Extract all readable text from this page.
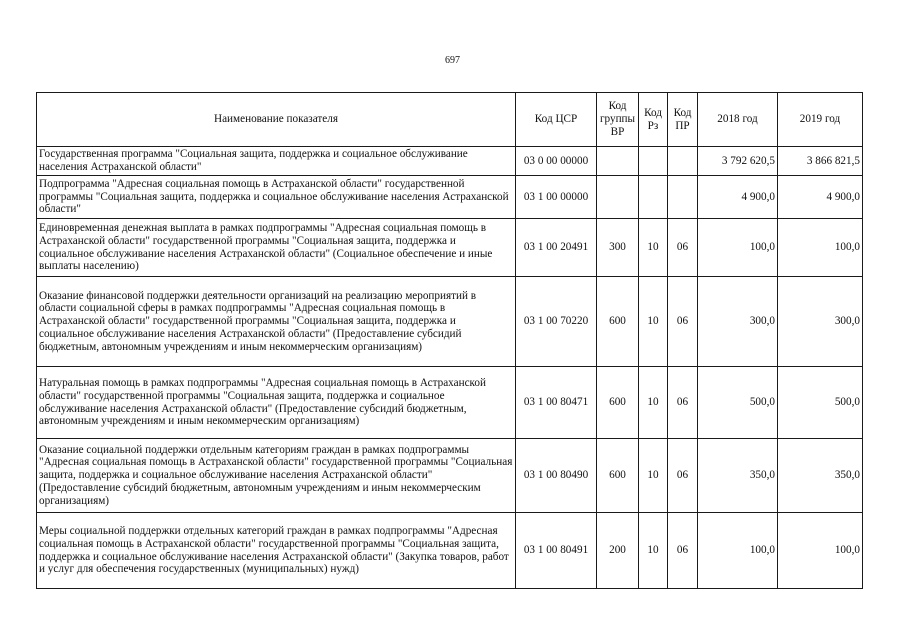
697
Наименование показателя	Код ЦСР	Код группы ВР	Код Рз	Код ПР	2018 год	2019 год
Государственная программа "Социальная защита, поддержка и социальное обслуживание населения Астраханской области"	03 0 00 00000				3 792 620,5	3 866 821,5
Подпрограмма "Адресная социальная помощь в Астраханской области" государственной программы "Социальная защита, поддержка и социальное обслуживание населения Астраханской области"	03 1 00 00000				4 900,0	4 900,0
Единовременная денежная выплата в рамках подпрограммы "Адресная социальная помощь в Астраханской области" государственной программы "Социальная защита, поддержка и социальное обслуживание населения Астраханской области" (Социальное обеспечение и иные выплаты населению)	03 1 00 20491	300	10	06	100,0	100,0
Оказание финансовой поддержки деятельности организаций на реализацию мероприятий в области социальной сферы в рамках подпрограммы "Адресная социальная помощь в Астраханской области" государственной программы "Социальная защита, поддержка и социальное обслуживание населения Астраханской области" (Предоставление субсидий бюджетным, автономным учреждениям и иным некоммерческим организациям)	03 1 00 70220	600	10	06	300,0	300,0
Натуральная помощь в рамках подпрограммы "Адресная социальная помощь в Астраханской области" государственной программы "Социальная защита, поддержка и социальное обслуживание населения Астраханской области" (Предоставление субсидий бюджетным, автономным учреждениям и иным некоммерческим организациям)	03 1 00 80471	600	10	06	500,0	500,0
Оказание социальной поддержки отдельным категориям граждан в рамках подпрограммы "Адресная социальная помощь в Астраханской области" государственной программы "Социальная защита, поддержка и социальное обслуживание населения Астраханской области" (Предоставление субсидий бюджетным, автономным учреждениям и иным некоммерческим организациям)	03 1 00 80490	600	10	06	350,0	350,0
Меры социальной поддержки отдельных категорий граждан в рамках подпрограммы "Адресная социальная помощь в Астраханской области" государственной программы "Социальная защита, поддержка и социальное обслуживание населения Астраханской области" (Закупка товаров, работ и услуг для обеспечения государственных (муниципальных) нужд)	03 1 00 80491	200	10	06	100,0	100,0
